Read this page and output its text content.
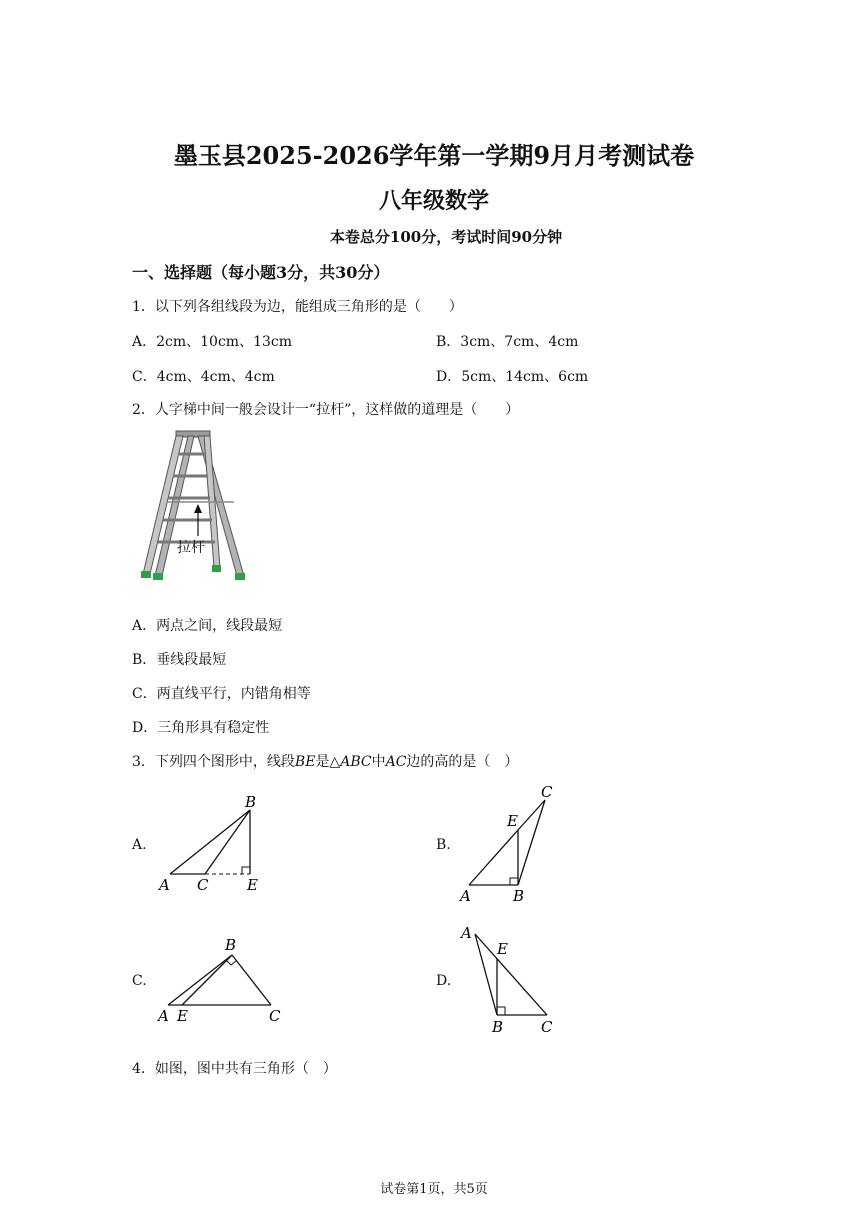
墨玉县2025-2026学年第一学期9月月考测试卷
八年级数学
本卷总分100分，考试时间90分钟
一、选择题（每小题3分，共30分）
1．以下列各组线段为边，能组成三角形的是（　　）
A．2cm、10cm、13cm	B．3cm、7cm、4cm
C．4cm、4cm、4cm	D．5cm、14cm、6cm
2．人字梯中间一般会设计一“拉杆”，这样做的道理是（　　）
拉杆
A．两点之间，线段最短
B．垂线段最短
C．两直线平行，内错角相等
D．三角形具有稳定性
3．下列四个图形中，线段BE是△ABC中AC边的高的是（　）
A.
B
A C	E
B.
C
E
A	B
C.
B
A E	C
D.
A
E
B	C
4．如图，图中共有三角形（　）
试卷第1页，共5页
